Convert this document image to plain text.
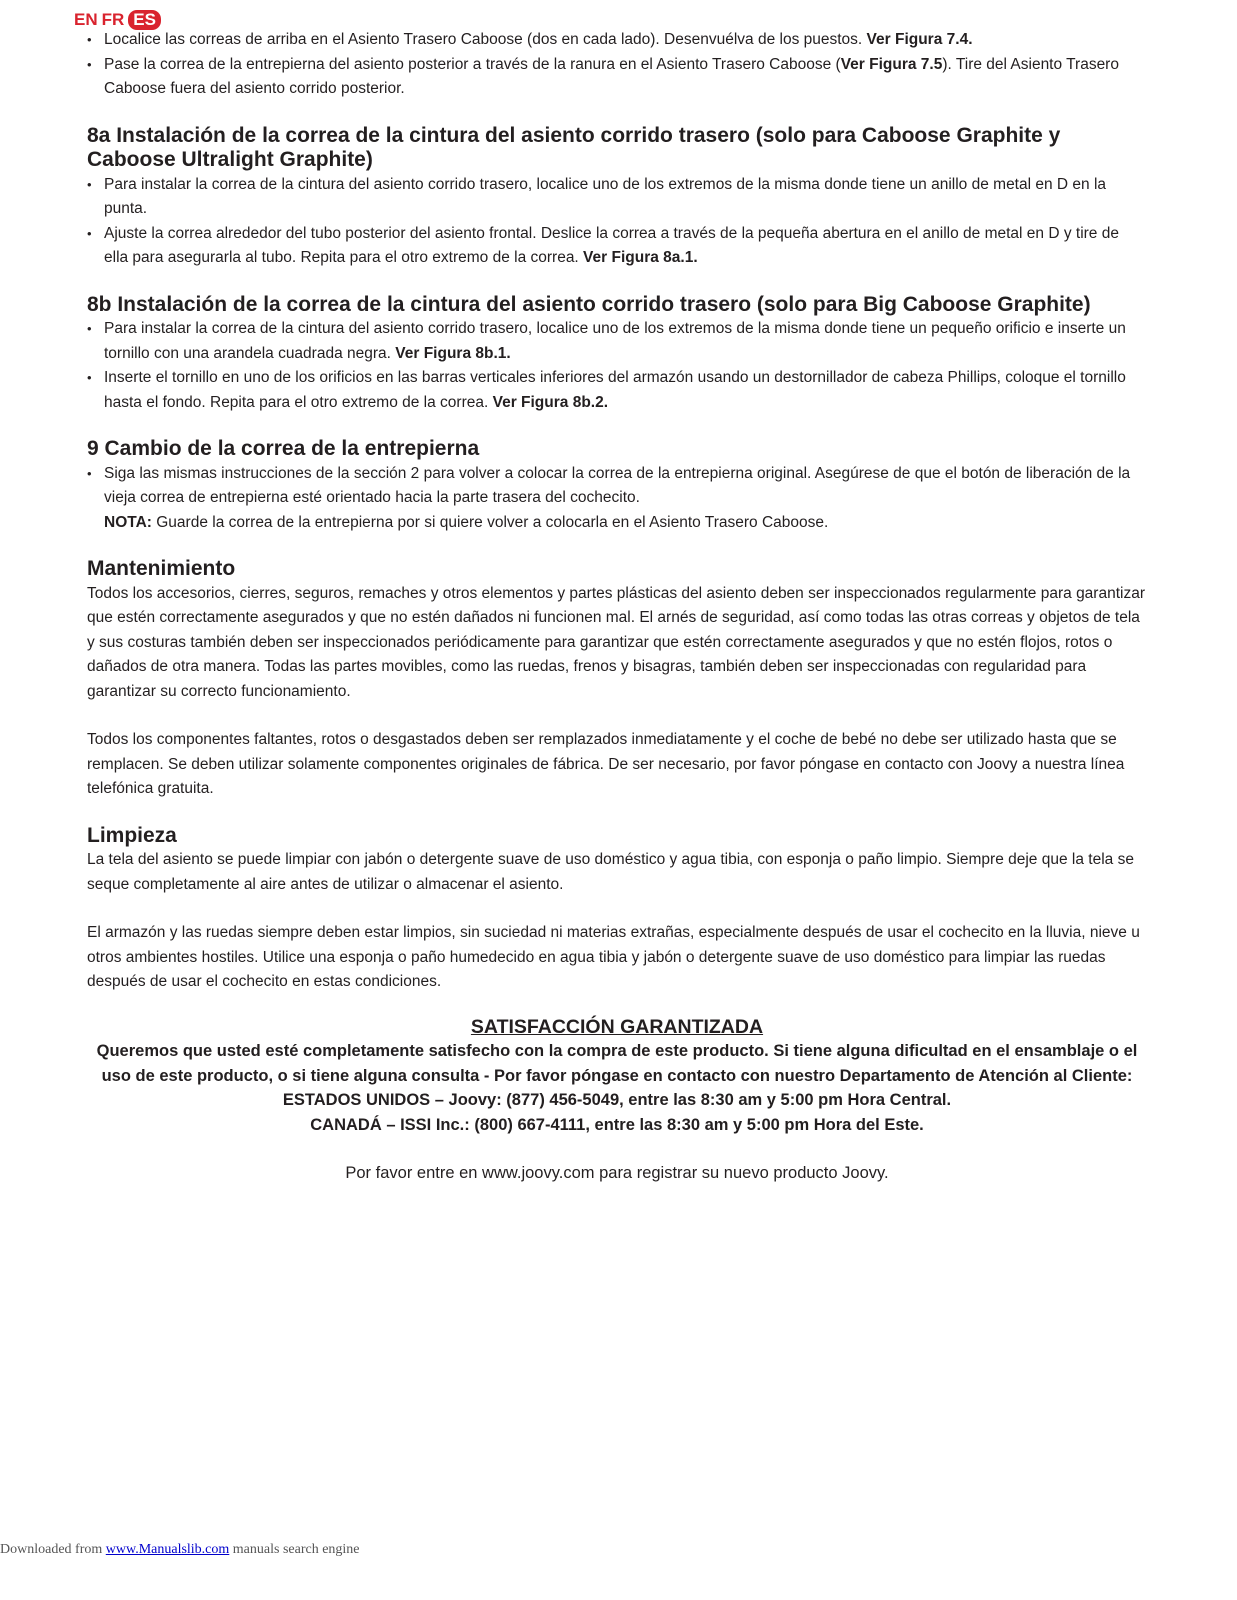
EN FR ES
• Localice las correas de arriba en el Asiento Trasero Caboose (dos en cada lado). Desenvuélva de los puestos. Ver Figura 7.4.
• Pase la correa de la entrepierna del asiento posterior a través de la ranura en el Asiento Trasero Caboose (Ver Figura 7.5). Tire del Asiento Trasero Caboose fuera del asiento corrido posterior.
8a Instalación de la correa de la cintura del asiento corrido trasero (solo para Caboose Graphite y Caboose Ultralight Graphite)
• Para instalar la correa de la cintura del asiento corrido trasero, localice uno de los extremos de la misma donde tiene un anillo de metal en D en la punta.
• Ajuste la correa alrededor del tubo posterior del asiento frontal. Deslice la correa a través de la pequeña abertura en el anillo de metal en D y tire de ella para asegurarla al tubo. Repita para el otro extremo de la correa. Ver Figura 8a.1.
8b Instalación de la correa de la cintura del asiento corrido trasero (solo para Big Caboose Graphite)
• Para instalar la correa de la cintura del asiento corrido trasero, localice uno de los extremos de la misma donde tiene un pequeño orificio e inserte un tornillo con una arandela cuadrada negra. Ver Figura 8b.1.
• Inserte el tornillo en uno de los orificios en las barras verticales inferiores del armazón usando un destornillador de cabeza Phillips, coloque el tornillo hasta el fondo. Repita para el otro extremo de la correa. Ver Figura 8b.2.
9 Cambio de la correa de la entrepierna
• Siga las mismas instrucciones de la sección 2 para volver a colocar la correa de la entrepierna original. Asegúrese de que el botón de liberación de la vieja correa de entrepierna esté orientado hacia la parte trasera del cochecito.
NOTA: Guarde la correa de la entrepierna por si quiere volver a colocarla en el Asiento Trasero Caboose.
Mantenimiento

Todos los accesorios, cierres, seguros, remaches y otros elementos y partes plásticas del asiento deben ser inspeccionados regularmente para garantizar que estén correctamente asegurados y que no estén dañados ni funcionen mal. El arnés de seguridad, así como todas las otras correas y objetos de tela y sus costuras también deben ser inspeccionados periódicamente para garantizar que estén correctamente asegurados y que no estén flojos, rotos o dañados de otra manera. Todas las partes movibles, como las ruedas, frenos y bisagras, también deben ser inspeccionadas con regularidad para garantizar su correcto funcionamiento.

Todos los componentes faltantes, rotos o desgastados deben ser remplazados inmediatamente y el coche de bebé no debe ser utilizado hasta que se remplacen. Se deben utilizar solamente componentes originales de fábrica. De ser necesario, por favor póngase en contacto con Joovy a nuestra línea telefónica gratuita.

Limpieza

La tela del asiento se puede limpiar con jabón o detergente suave de uso doméstico y agua tibia, con esponja o paño limpio. Siempre deje que la tela se seque completamente al aire antes de utilizar o almacenar el asiento.

El armazón y las ruedas siempre deben estar limpios, sin suciedad ni materias extrañas, especialmente después de usar el cochecito en la lluvia, nieve u otros ambientes hostiles. Utilice una esponja o paño humedecido en agua tibia y jabón o detergente suave de uso doméstico para limpiar las ruedas después de usar el cochecito en estas condiciones.

SATISFACCIÓN GARANTIZADA
Queremos que usted esté completamente satisfecho con la compra de este producto. Si tiene alguna dificultad en el ensamblaje o el uso de este producto, o si tiene alguna consulta - Por favor póngase en contacto con nuestro Departamento de Atención al Cliente:
ESTADOS UNIDOS – Joovy: (877) 456-5049, entre las 8:30 am y 5:00 pm Hora Central.
CANADÁ – ISSI Inc.: (800) 667-4111, entre las 8:30 am y 5:00 pm Hora del Este.
Por favor entre en www.joovy.com para registrar su nuevo producto Joovy.
Downloaded from www.Manualslib.com manuals search engine
